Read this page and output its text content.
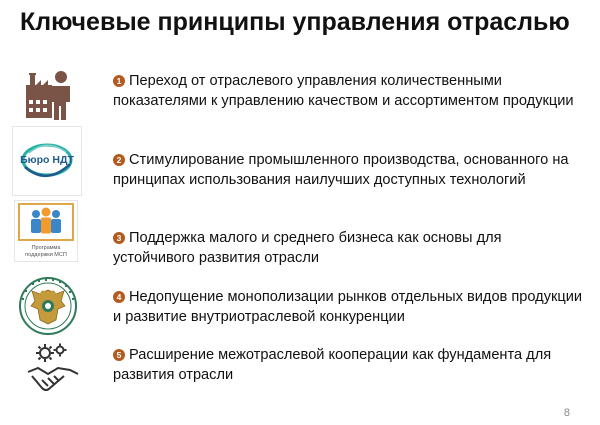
Ключевые принципы управления отраслью
1 Переход от отраслевого управления количественными показателями к управлению качеством и ассортиментом продукции
Бюро НДТ	2 Стимулирование промышленного производства, основанного на принципах использования наилучших доступных технологий
Программа
поддержки МСП
3 Поддержка малого и среднего бизнеса как основы для устойчивого развития отрасли
4 Недопущение монополизации рынков отдельных видов продукции и развитие внутриотраслевой конкуренции
5 Расширение межотраслевой кооперации как фундамента для развития отрасли
8
